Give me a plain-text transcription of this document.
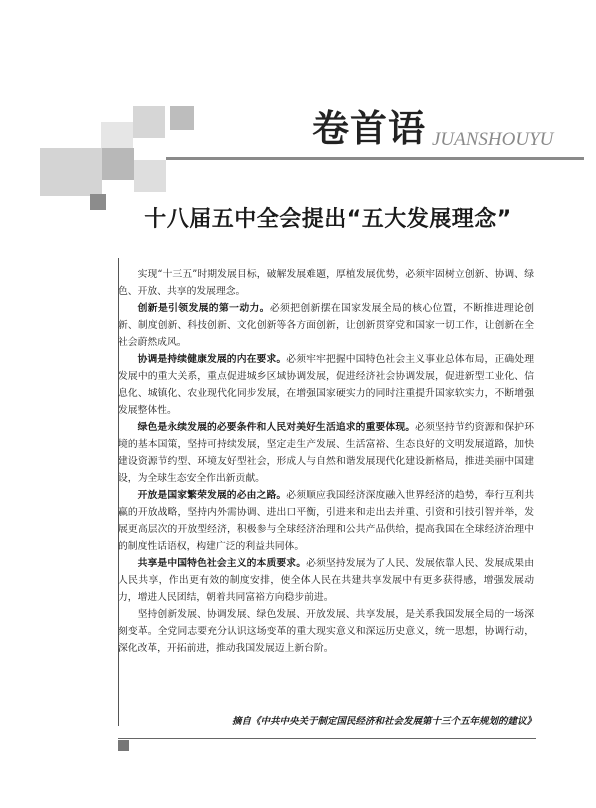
卷首语 JUANSHOUYU
十八届五中全会提出“五大发展理念”

实现“十三五”时期发展目标，破解发展难题，厚植发展优势，必须牢固树立创新、协调、绿色、开放、共享的发展理念。

创新是引领发展的第一动力。必须把创新摆在国家发展全局的核心位置，不断推进理论创新、制度创新、科技创新、文化创新等各方面创新，让创新贯穿党和国家一切工作，让创新在全社会蔚然成风。

协调是持续健康发展的内在要求。必须牢牢把握中国特色社会主义事业总体布局，正确处理发展中的重大关系，重点促进城乡区域协调发展，促进经济社会协调发展，促进新型工业化、信息化、城镇化、农业现代化同步发展，在增强国家硬实力的同时注重提升国家软实力，不断增强发展整体性。

绿色是永续发展的必要条件和人民对美好生活追求的重要体现。必须坚持节约资源和保护环境的基本国策，坚持可持续发展，坚定走生产发展、生活富裕、生态良好的文明发展道路，加快建设资源节约型、环境友好型社会，形成人与自然和谐发展现代化建设新格局，推进美丽中国建设，为全球生态安全作出新贡献。

开放是国家繁荣发展的必由之路。必须顺应我国经济深度融入世界经济的趋势，奉行互利共赢的开放战略，坚持内外需协调、进出口平衡，引进来和走出去并重、引资和引技引智并举，发展更高层次的开放型经济，积极参与全球经济治理和公共产品供给，提高我国在全球经济治理中的制度性话语权，构建广泛的利益共同体。

共享是中国特色社会主义的本质要求。必须坚持发展为了人民、发展依靠人民、发展成果由人民共享，作出更有效的制度安排，使全体人民在共建共享发展中有更多获得感，增强发展动力，增进人民团结，朝着共同富裕方向稳步前进。

坚持创新发展、协调发展、绿色发展、开放发展、共享发展，是关系我国发展全局的一场深刻变革。全党同志要充分认识这场变革的重大现实意义和深远历史意义，统一思想，协调行动，深化改革，开拓前进，推动我国发展迈上新台阶。

摘自《中共中央关于制定国民经济和社会发展第十三个五年规划的建议》
